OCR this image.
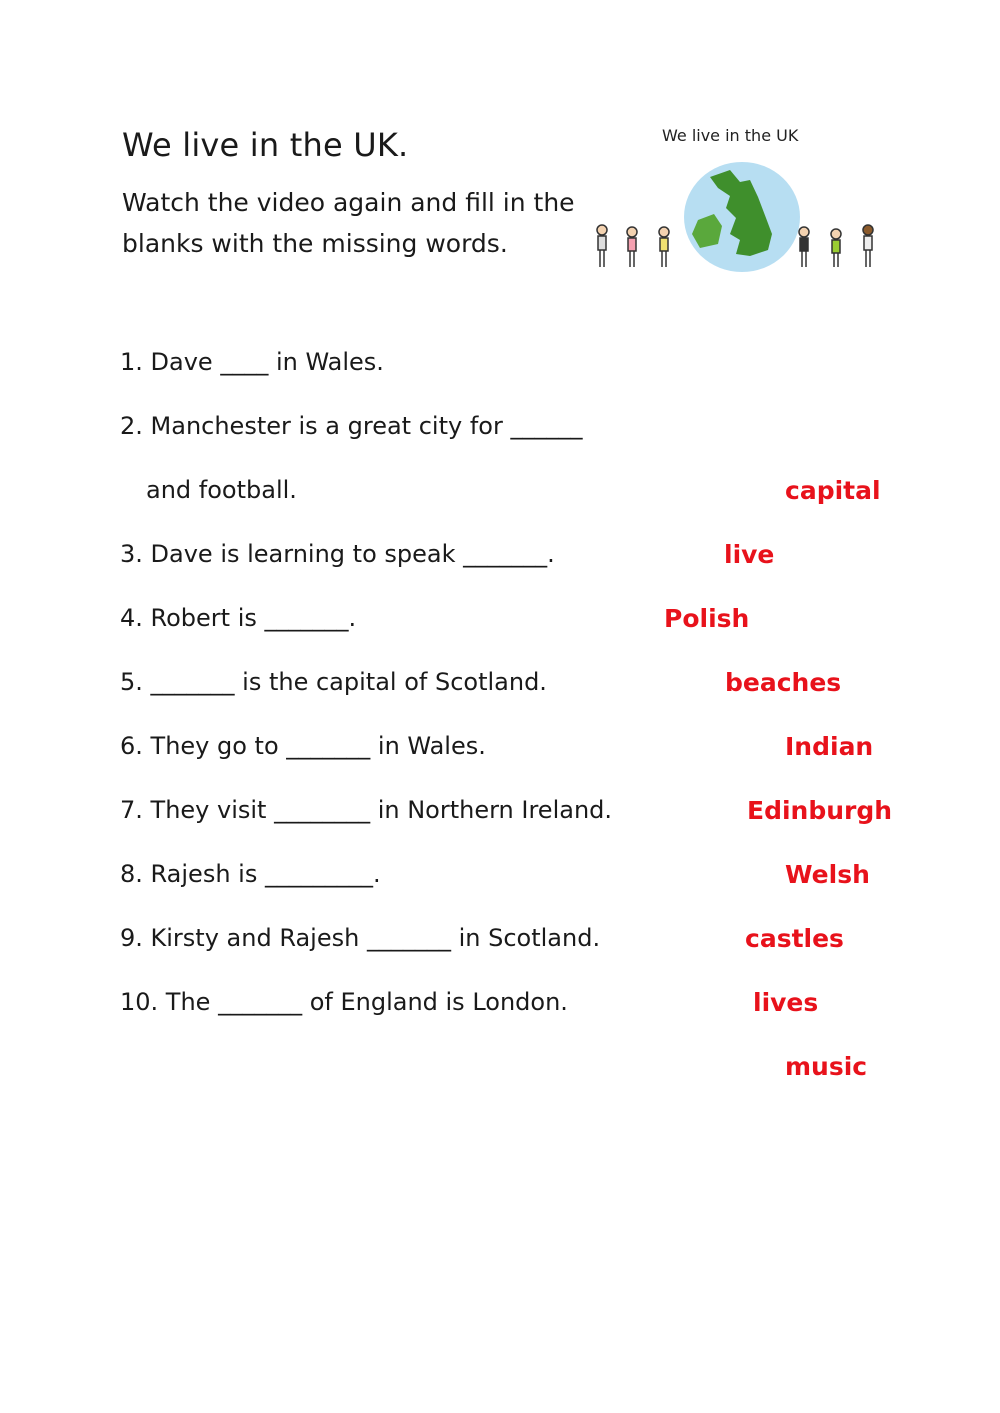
We live in the UK.
Watch the video again and fill in the
blanks with the missing words.
We live in the UK
1. Dave ____ in Wales.
2. Manchester is a great city for ______
and football.
3. Dave is learning to speak _______.
4. Robert is _______.
5. _______ is the capital of Scotland.
6. They go to _______ in Wales.
7. They visit ________ in Northern Ireland.
8. Rajesh is _________.
9. Kirsty and Rajesh _______ in Scotland.
10. The _______ of England is London.
capital
live
Polish
beaches
Indian
Edinburgh
Welsh
castles
lives
music
